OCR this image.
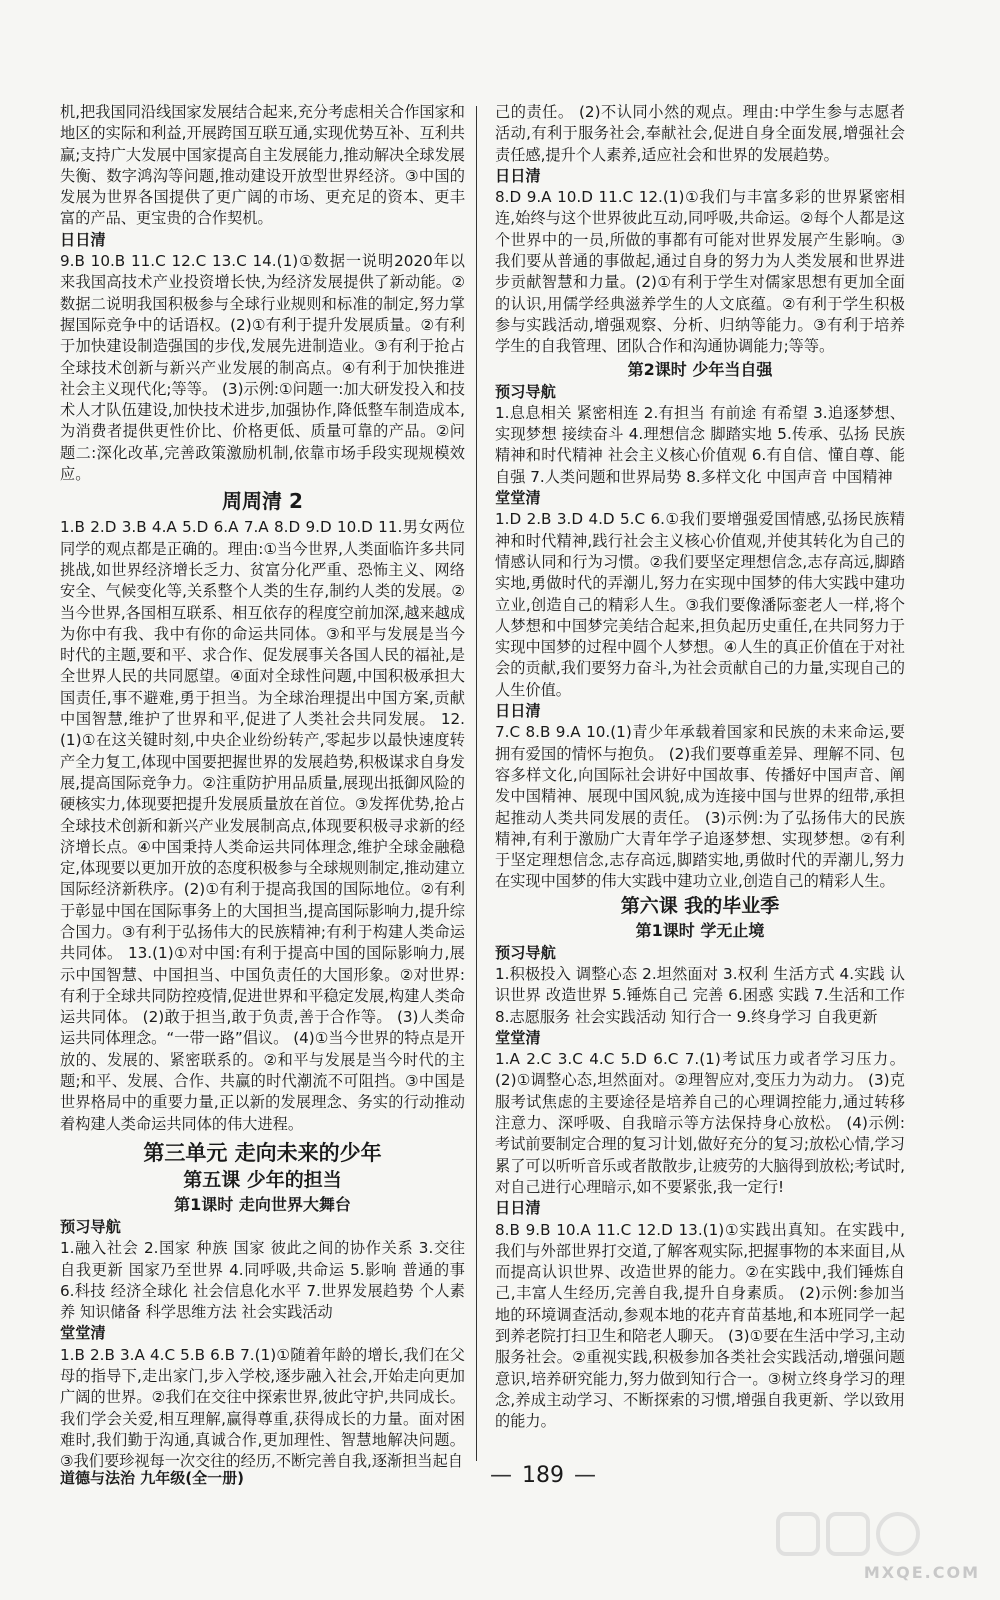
机,把我国同沿线国家发展结合起来,充分考虑相关合作国家和地区的实际和利益,开展跨国互联互通,实现优势互补、互利共赢;支持广大发展中国家提高自主发展能力,推动解决全球发展失衡、数字鸿沟等问题,推动建设开放型世界经济。③中国的发展为世界各国提供了更广阔的市场、更充足的资本、更丰富的产品、更宝贵的合作契机。

日日清

9.B 10.B 11.C 12.C 13.C 14.(1)①数据一说明2020年以来我国高技术产业投资增长快,为经济发展提供了新动能。②数据二说明我国积极参与全球行业规则和标准的制定,努力掌握国际竞争中的话语权。(2)①有利于提升发展质量。②有利于加快建设制造强国的步伐,发展先进制造业。③有利于抢占全球技术创新与新兴产业发展的制高点。④有利于加快推进社会主义现代化;等等。 (3)示例:①问题一:加大研发投入和技术人才队伍建设,加快技术进步,加强协作,降低整车制造成本,为消费者提供更性价比、价格更低、质量可靠的产品。②问题二:深化改革,完善政策激励机制,依靠市场手段实现规模效应。

周周清 2

1.B 2.D 3.B 4.A 5.D 6.A 7.A 8.D 9.D 10.D 11.男女两位同学的观点都是正确的。理由:①当今世界,人类面临许多共同挑战,如世界经济增长乏力、贫富分化严重、恐怖主义、网络安全、气候变化等,关系整个人类的生存,制约人类的发展。②当今世界,各国相互联系、相互依存的程度空前加深,越来越成为你中有我、我中有你的命运共同体。③和平与发展是当今时代的主题,要和平、求合作、促发展事关各国人民的福祉,是全世界人民的共同愿望。④面对全球性问题,中国积极承担大国责任,事不避难,勇于担当。为全球治理提出中国方案,贡献中国智慧,维护了世界和平,促进了人类社会共同发展。 12.(1)①在这关键时刻,中央企业纷纷转产,零起步以最快速度转产全力复工,体现中国要把握世界的发展趋势,积极谋求自身发展,提高国际竞争力。②注重防护用品质量,展现出抵御风险的硬核实力,体现要把提升发展质量放在首位。③发挥优势,抢占全球技术创新和新兴产业发展制高点,体现要积极寻求新的经济增长点。④中国秉持人类命运共同体理念,维护全球金融稳定,体现要以更加开放的态度积极参与全球规则制定,推动建立国际经济新秩序。(2)①有利于提高我国的国际地位。②有利于彰显中国在国际事务上的大国担当,提高国际影响力,提升综合国力。③有利于弘扬伟大的民族精神;有利于构建人类命运共同体。 13.(1)①对中国:有利于提高中国的国际影响力,展示中国智慧、中国担当、中国负责任的大国形象。②对世界:有利于全球共同防控疫情,促进世界和平稳定发展,构建人类命运共同体。 (2)敢于担当,敢于负责,善于合作等。 (3)人类命运共同体理念。“一带一路”倡议。 (4)①当今世界的特点是开放的、发展的、紧密联系的。②和平与发展是当今时代的主题;和平、发展、合作、共赢的时代潮流不可阻挡。③中国是世界格局中的重要力量,正以新的发展理念、务实的行动推动着构建人类命运共同体的伟大进程。

第三单元 走向未来的少年

第五课 少年的担当

第1课时 走向世界大舞台

预习导航

1.融入社会 2.国家 种族 国家 彼此之间的协作关系 3.交往 自我更新 国家乃至世界 4.同呼吸,共命运 5.影响 普通的事 6.科技 经济全球化 社会信息化水平 7.世界发展趋势 个人素养 知识储备 科学思维方法 社会实践活动

堂堂清

1.B 2.B 3.A 4.C 5.B 6.B 7.(1)①随着年龄的增长,我们在父母的指导下,走出家门,步入学校,逐步融入社会,开始走向更加广阔的世界。②我们在交往中探索世界,彼此守护,共同成长。我们学会关爱,相互理解,赢得尊重,获得成长的力量。面对困难时,我们勤于沟通,真诚合作,更加理性、智慧地解决问题。③我们要珍视每一次交往的经历,不断完善自我,逐渐担当起自

己的责任。 (2)不认同小然的观点。理由:中学生参与志愿者活动,有利于服务社会,奉献社会,促进自身全面发展,增强社会责任感,提升个人素养,适应社会和世界的发展趋势。

日日清

8.D 9.A 10.D 11.C 12.(1)①我们与丰富多彩的世界紧密相连,始终与这个世界彼此互动,同呼吸,共命运。②每个人都是这个世界中的一员,所做的事都有可能对世界发展产生影响。③我们要从普通的事做起,通过自身的努力为人类发展和世界进步贡献智慧和力量。(2)①有利于学生对儒家思想有更加全面的认识,用儒学经典滋养学生的人文底蕴。②有利于学生积极参与实践活动,增强观察、分析、归纳等能力。③有利于培养学生的自我管理、团队合作和沟通协调能力;等等。

第2课时 少年当自强

预习导航

1.息息相关 紧密相连 2.有担当 有前途 有希望 3.追逐梦想、实现梦想 接续奋斗 4.理想信念 脚踏实地 5.传承、弘扬 民族精神和时代精神 社会主义核心价值观 6.有自信、懂自尊、能自强 7.人类问题和世界局势 8.多样文化 中国声音 中国精神

堂堂清

1.D 2.B 3.D 4.D 5.C 6.①我们要增强爱国情感,弘扬民族精神和时代精神,践行社会主义核心价值观,并使其转化为自己的情感认同和行为习惯。②我们要坚定理想信念,志存高远,脚踏实地,勇做时代的弄潮儿,努力在实现中国梦的伟大实践中建功立业,创造自己的精彩人生。③我们要像潘际銮老人一样,将个人梦想和中国梦完美结合起来,担负起历史重任,在共同努力于实现中国梦的过程中圆个人梦想。④人生的真正价值在于对社会的贡献,我们要努力奋斗,为社会贡献自己的力量,实现自己的人生价值。

日日清

7.C 8.B 9.A 10.(1)青少年承载着国家和民族的未来命运,要拥有爱国的情怀与抱负。 (2)我们要尊重差异、理解不同、包容多样文化,向国际社会讲好中国故事、传播好中国声音、阐发中国精神、展现中国风貌,成为连接中国与世界的纽带,承担起推动人类共同发展的责任。 (3)示例:为了弘扬伟大的民族精神,有利于激励广大青年学子追逐梦想、实现梦想。②有利于坚定理想信念,志存高远,脚踏实地,勇做时代的弄潮儿,努力在实现中国梦的伟大实践中建功立业,创造自己的精彩人生。

第六课 我的毕业季

第1课时 学无止境

预习导航

1.积极投入 调整心态 2.坦然面对 3.权利 生活方式 4.实践 认识世界 改造世界 5.锤炼自己 完善 6.困惑 实践 7.生活和工作 8.志愿服务 社会实践活动 知行合一 9.终身学习 自我更新

堂堂清

1.A 2.C 3.C 4.C 5.D 6.C 7.(1)考试压力或者学习压力。 (2)①调整心态,坦然面对。②理智应对,变压力为动力。 (3)克服考试焦虑的主要途径是培养自己的心理调控能力,通过转移注意力、深呼吸、自我暗示等方法保持身心放松。 (4)示例:考试前要制定合理的复习计划,做好充分的复习;放松心情,学习累了可以听听音乐或者散散步,让疲劳的大脑得到放松;考试时,对自己进行心理暗示,如不要紧张,我一定行!

日日清

8.B 9.B 10.A 11.C 12.D 13.(1)①实践出真知。在实践中,我们与外部世界打交道,了解客观实际,把握事物的本来面目,从而提高认识世界、改造世界的能力。②在实践中,我们锤炼自己,丰富人生经历,完善自我,提升自身素质。 (2)示例:参加当地的环境调查活动,参观本地的花卉育苗基地,和本班同学一起到养老院打扫卫生和陪老人聊天。 (3)①要在生活中学习,主动服务社会。②重视实践,积极参加各类社会实践活动,增强问题意识,培养研究能力,努力做到知行合一。③树立终身学习的理念,养成主动学习、不断探索的习惯,增强自我更新、学以致用的能力。

道德与法治 九年级(全一册)	— 189 —
MXQE.COM
